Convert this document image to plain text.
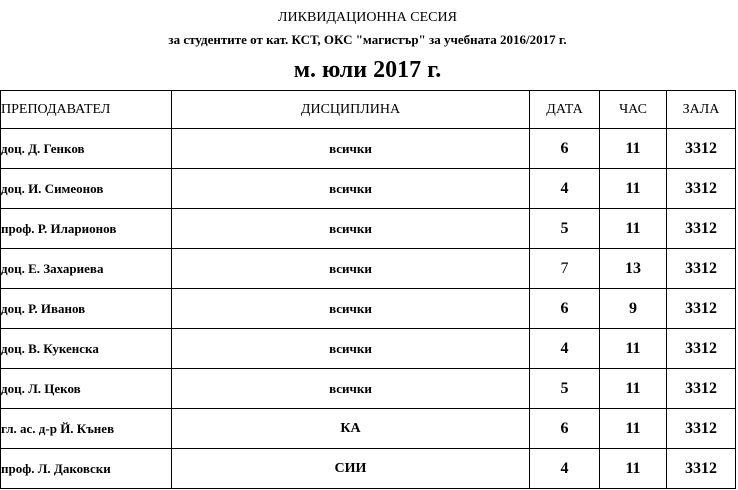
ЛИКВИДАЦИОННА СЕСИЯ
за студентите от кат. КСТ, ОКС "магистър" за учебната 2016/2017 г.
м. юли 2017 г.
ПРЕПОДАВАТЕЛ	ДИСЦИПЛИНА	ДАТА	ЧАС	ЗАЛА
доц. Д. Генков	всички	6	11	3312
доц. И. Симеонов	всички	4	11	3312
проф. Р. Иларионов	всички	5	11	3312
доц. Е. Захариева	всички	7	13	3312
доц. Р. Иванов	всички	6	9	3312
доц. В. Кукенска	всички	4	11	3312
доц. Л. Цеков	всички	5	11	3312
гл. ас. д-р Й. Кънев	КА	6	11	3312
проф. Л. Даковски	СИИ	4	11	3312
